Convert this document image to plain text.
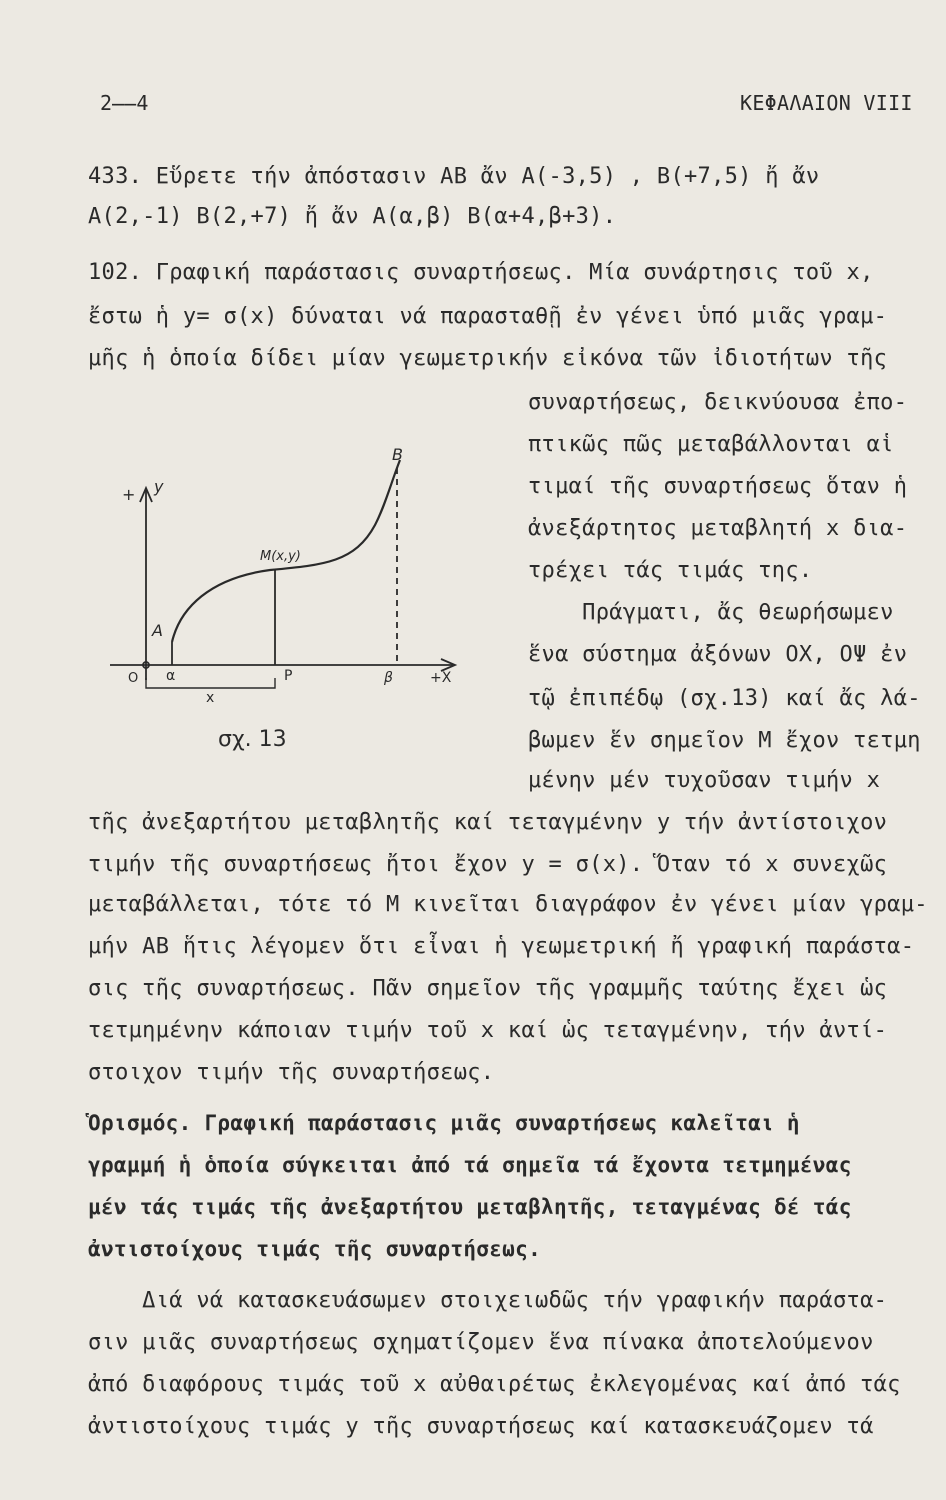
2̶̶4	ΚΕΦΑΛΑΙΟΝ VIII
433. Εὕρετε τήν ἀπόστασιν ΑΒ ἄν Α(-3,5) , Β(+7,5) ἤ ἄν
Α(2,-1) Β(2,+7) ἤ ἄν Α(α,β) Β(α+4,β+3).
102. Γραφική παράστασις συναρτήσεως. Μία συνάρτησις τοῦ x,
ἔστω ἡ y= σ(x) δύναται νά παρασταθῇ ἐν γένει ὑπό μιᾶς γραμ-
μῆς ἡ ὁποία δίδει μίαν γεωμετρικήν εἰκόνα τῶν ἰδιοτήτων τῆς
συναρτήσεως, δεικνύουσα ἐπο-
πτικῶς πῶς μεταβάλλονται αἱ
τιμαί τῆς συναρτήσεως ὅταν ἡ
ἀνεξάρτητος μεταβλητή x δια-
τρέχει τάς τιμάς της.
Πράγματι, ἄς θεωρήσωμεν
ἕνα σύστημα ἀξόνων ΟΧ, ΟΨ ἐν
τῷ ἐπιπέδῳ (σχ.13) καί ἄς λά-
βωμεν ἕν σημεῖον Μ ἔχον τετμη
μένην μέν τυχοῦσαν τιμήν x
+ y
B
M(x,y)
A
α
O	P	β	+X
x
σχ. 13
τῆς ἀνεξαρτήτου μεταβλητῆς καί τεταγμένην y τήν ἀντίστοιχον
τιμήν τῆς συναρτήσεως ἤτοι ἔχον y = σ(x). Ὅταν τό x συνεχῶς
μεταβάλλεται, τότε τό Μ κινεῖται διαγράφον ἐν γένει μίαν γραμ-
μήν ΑΒ ἥτις λέγομεν ὅτι εἶναι ἡ γεωμετρική ἤ γραφική παράστα-
σις τῆς συναρτήσεως. Πᾶν σημεῖον τῆς γραμμῆς ταύτης ἔχει ὡς
τετμημένην κάποιαν τιμήν τοῦ x καί ὡς τεταγμένην, τήν ἀντί-
στοιχον τιμήν τῆς συναρτήσεως.
Ὁρισμός. Γραφική παράστασις μιᾶς συναρτήσεως καλεῖται ἡ
γραμμή ἡ ὁποία σύγκειται ἀπό τά σημεῖα τά ἔχοντα τετμημένας
μέν τάς τιμάς τῆς ἀνεξαρτήτου μεταβλητῆς, τεταγμένας δέ τάς
ἀντιστοίχους τιμάς τῆς συναρτήσεως.
Διά νά κατασκευάσωμεν στοιχειωδῶς τήν γραφικήν παράστα-
σιν μιᾶς συναρτήσεως σχηματίζομεν ἕνα πίνακα ἀποτελούμενον
ἀπό διαφόρους τιμάς τοῦ x αὐθαιρέτως ἐκλεγομένας καί ἀπό τάς
ἀντιστοίχους τιμάς y τῆς συναρτήσεως καί κατασκευάζομεν τά
